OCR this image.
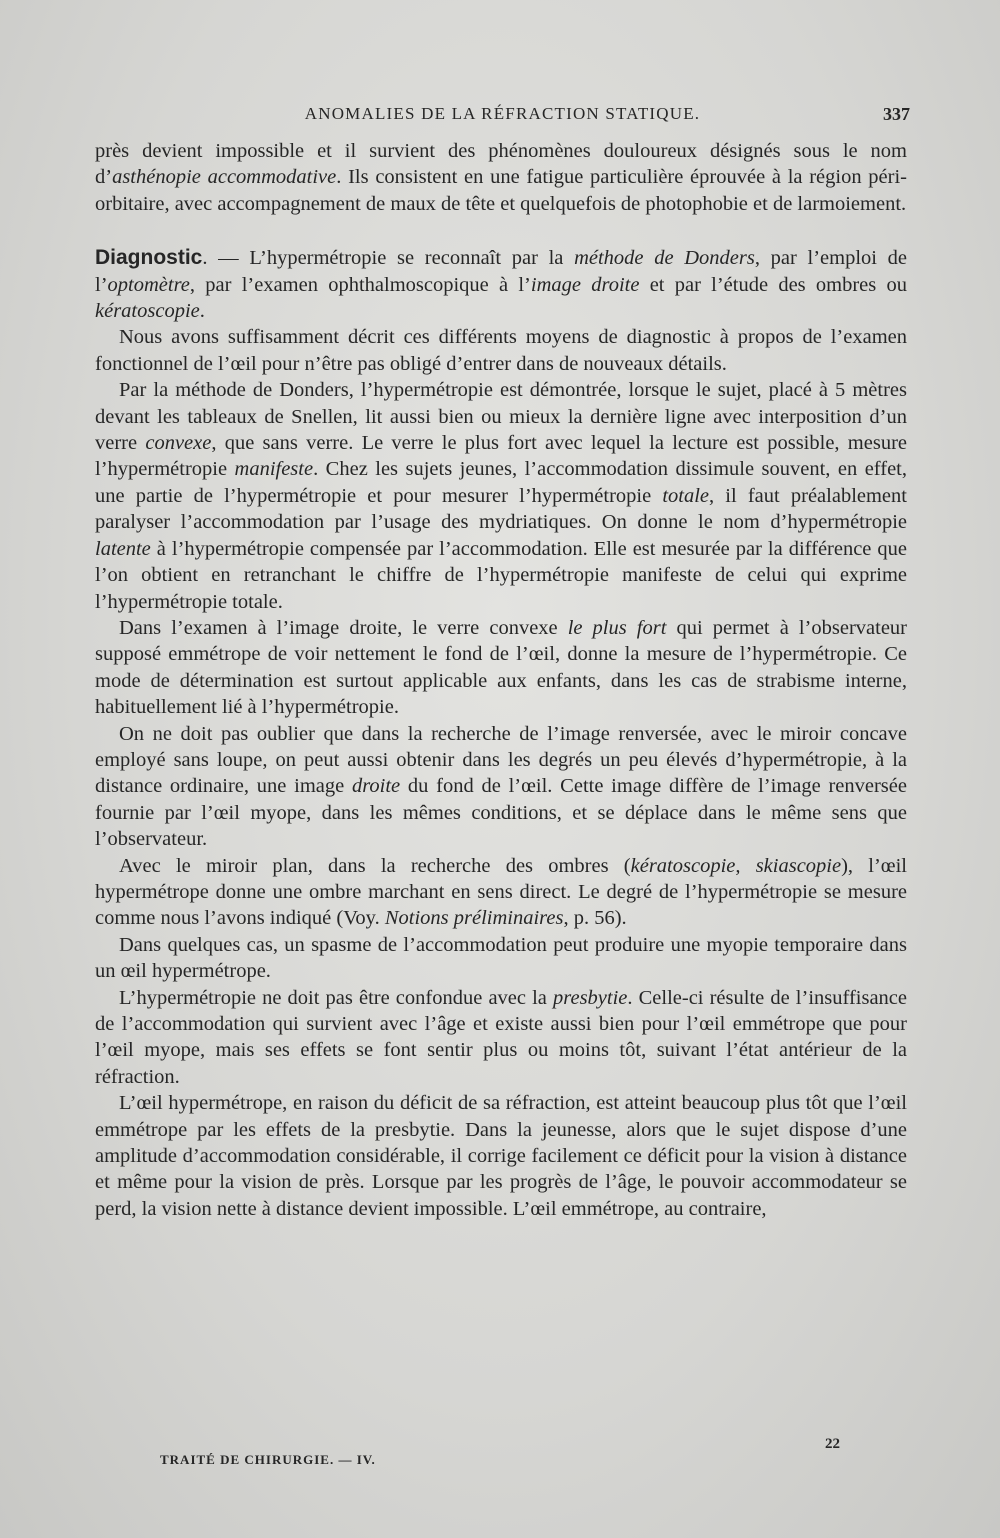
ANOMALIES DE LA RÉFRACTION STATIQUE.	337

près devient impossible et il survient des phénomènes douloureux désignés sous le nom d’asthénopie accommodative. Ils consistent en une fatigue particulière éprouvée à la région péri-orbitaire, avec accompagnement de maux de tête et quelquefois de photophobie et de larmoiement.

Diagnostic. — L’hypermétropie se reconnaît par la méthode de Donders, par l’emploi de l’optomètre, par l’examen ophthalmoscopique à l’image droite et par l’étude des ombres ou kératoscopie.

Nous avons suffisamment décrit ces différents moyens de diagnostic à propos de l’examen fonctionnel de l’œil pour n’être pas obligé d’entrer dans de nouveaux détails.

Par la méthode de Donders, l’hypermétropie est démontrée, lorsque le sujet, placé à 5 mètres devant les tableaux de Snellen, lit aussi bien ou mieux la dernière ligne avec interposition d’un verre convexe, que sans verre. Le verre le plus fort avec lequel la lecture est possible, mesure l’hypermétropie manifeste. Chez les sujets jeunes, l’accommodation dissimule souvent, en effet, une partie de l’hypermétropie et pour mesurer l’hypermétropie totale, il faut préalablement paralyser l’accommodation par l’usage des mydriatiques. On donne le nom d’hypermétropie latente à l’hypermétropie compensée par l’accommodation. Elle est mesurée par la différence que l’on obtient en retranchant le chiffre de l’hypermétropie manifeste de celui qui exprime l’hypermétropie totale.

Dans l’examen à l’image droite, le verre convexe le plus fort qui permet à l’observateur supposé emmétrope de voir nettement le fond de l’œil, donne la mesure de l’hypermétropie. Ce mode de détermination est surtout applicable aux enfants, dans les cas de strabisme interne, habituellement lié à l’hypermétropie.

On ne doit pas oublier que dans la recherche de l’image renversée, avec le miroir concave employé sans loupe, on peut aussi obtenir dans les degrés un peu élevés d’hypermétropie, à la distance ordinaire, une image droite du fond de l’œil. Cette image diffère de l’image renversée fournie par l’œil myope, dans les mêmes conditions, et se déplace dans le même sens que l’observateur.

Avec le miroir plan, dans la recherche des ombres (kératoscopie, skiascopie), l’œil hypermétrope donne une ombre marchant en sens direct. Le degré de l’hypermétropie se mesure comme nous l’avons indiqué (Voy. Notions préliminaires, p. 56).

Dans quelques cas, un spasme de l’accommodation peut produire une myopie temporaire dans un œil hypermétrope.

L’hypermétropie ne doit pas être confondue avec la presbytie. Celle-ci résulte de l’insuffisance de l’accommodation qui survient avec l’âge et existe aussi bien pour l’œil emmétrope que pour l’œil myope, mais ses effets se font sentir plus ou moins tôt, suivant l’état antérieur de la réfraction.

L’œil hypermétrope, en raison du déficit de sa réfraction, est atteint beaucoup plus tôt que l’œil emmétrope par les effets de la presbytie. Dans la jeunesse, alors que le sujet dispose d’une amplitude d’accommodation considérable, il corrige facilement ce déficit pour la vision à distance et même pour la vision de près. Lorsque par les progrès de l’âge, le pouvoir accommodateur se perd, la vision nette à distance devient impossible. L’œil emmétrope, au contraire,

TRAITÉ DE CHIRURGIE. — IV.
22
